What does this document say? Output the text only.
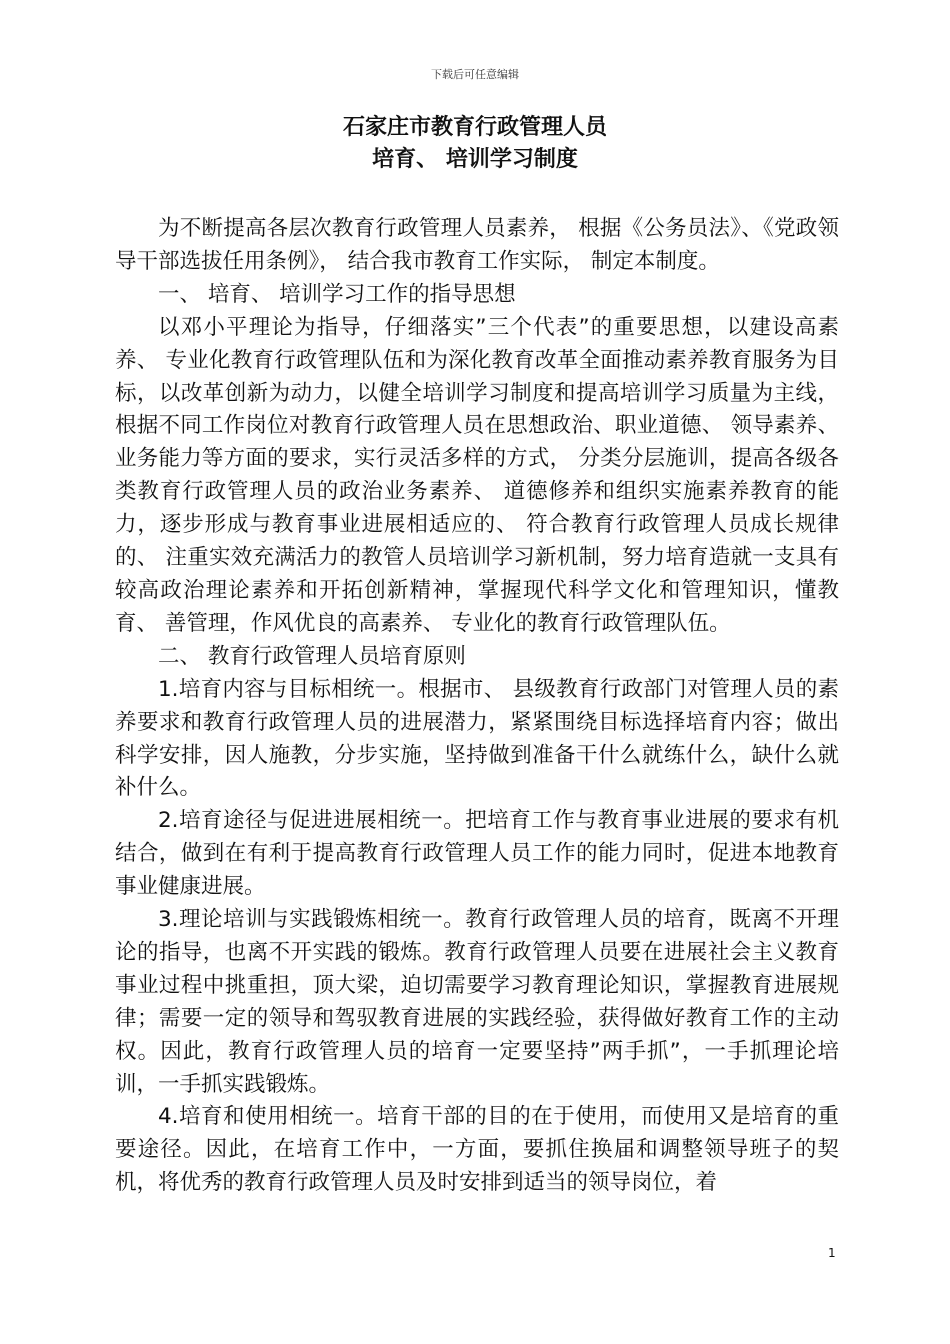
下载后可任意编辑
石家庄市教育行政管理人员
培育、 培训学习制度

为不断提高各层次教育行政管理人员素养， 根据《公务员法》、《党政领导干部选拔任用条例》， 结合我市教育工作实际， 制定本制度。

一、 培育、 培训学习工作的指导思想

以邓小平理论为指导，仔细落实”三个代表”的重要思想，以建设高素养、 专业化教育行政管理队伍和为深化教育改革全面推动素养教育服务为目标，以改革创新为动力，以健全培训学习制度和提高培训学习质量为主线，根据不同工作岗位对教育行政管理人员在思想政治、职业道德、 领导素养、 业务能力等方面的要求，实行灵活多样的方式， 分类分层施训，提高各级各类教育行政管理人员的政治业务素养、 道德修养和组织实施素养教育的能力，逐步形成与教育事业进展相适应的、 符合教育行政管理人员成长规律的、 注重实效充满活力的教管人员培训学习新机制，努力培育造就一支具有较高政治理论素养和开拓创新精神，掌握现代科学文化和管理知识，懂教育、 善管理，作风优良的高素养、 专业化的教育行政管理队伍。

二、 教育行政管理人员培育原则

1.培育内容与目标相统一。根据市、 县级教育行政部门对管理人员的素养要求和教育行政管理人员的进展潜力，紧紧围绕目标选择培育内容；做出科学安排，因人施教，分步实施，坚持做到准备干什么就练什么，缺什么就补什么。

2.培育途径与促进进展相统一。把培育工作与教育事业进展的要求有机结合，做到在有利于提高教育行政管理人员工作的能力同时，促进本地教育事业健康进展。

3.理论培训与实践锻炼相统一。教育行政管理人员的培育，既离不开理论的指导，也离不开实践的锻炼。教育行政管理人员要在进展社会主义教育事业过程中挑重担，顶大梁，迫切需要学习教育理论知识，掌握教育进展规律；需要一定的领导和驾驭教育进展的实践经验，获得做好教育工作的主动权。因此，教育行政管理人员的培育一定要坚持”两手抓”，一手抓理论培训，一手抓实践锻炼。

4.培育和使用相统一。培育干部的目的在于使用，而使用又是培育的重要途径。因此，在培育工作中，一方面，要抓住换届和调整领导班子的契机，将优秀的教育行政管理人员及时安排到适当的领导岗位，着

1
